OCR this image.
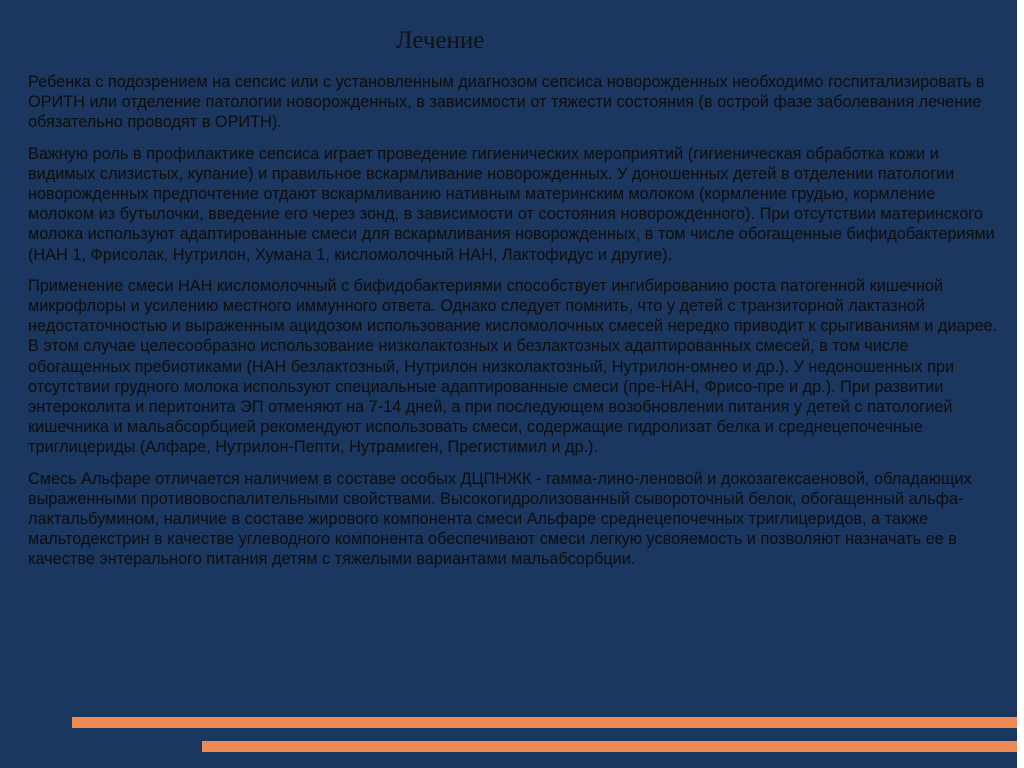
Лечение

Ребенка с подозрением на сепсис или с установленным диагнозом сепсиса новорожденных необходимо госпитализировать в ОРИТН или отделение патологии новорожденных, в зависимости от тяжести состояния (в острой фазе заболевания лечение обязательно проводят в ОРИТН).

Важную роль в профилактике сепсиса играет проведение гигиенических мероприятий (гигиеническая обработка кожи и видимых слизистых, купание) и правильное вскармливание новорожденных. У доношенных детей в отделении патологии новорожденных предпочтение отдают вскармливанию нативным материнским молоком (кормление грудью, кормление молоком из бутылочки, введение его через зонд, в зависимости от состояния новорожденного). При отсутствии материнского молока используют адаптированные смеси для вскармливания новорожденных, в том числе обогащенные бифидобактериями (НАН 1, Фрисолак, Нутрилон, Хумана 1, кисломолочный НАН, Лактофидус и другие).

Применение смеси НАН кисломолочный с бифидобактериями способствует ингибированию роста патогенной кишечной микрофлоры и усилению местного иммунного ответа. Однако следует помнить, что у детей с транзиторной лактазной недостаточностью и выраженным ацидозом использование кисломолочных смесей нередко приводит к срыгиваниям и диарее. В этом случае целесообразно использование низколактозных и безлактозных адаптированных смесей, в том числе обогащенных пребиотиками (НАН безлактозный, Нутрилон низколактозный, Нутрилон-омнео и др.). У недоношенных при отсутствии грудного молока используют специальные адаптированные смеси (пре-НАН, Фрисо-пре и др.). При развитии энтероколита и перитонита ЭП отменяют на 7-14 дней, а при последующем возобновлении питания у детей с патологией кишечника и мальабсорбцией рекомендуют использовать смеси, содержащие гидролизат белка и среднецепочечные триглицериды (Алфаре, Нутрилон-Пепти, Нутрамиген, Прегистимил и др.).

Смесь Альфаре отличается наличием в составе особых ДЦПНЖК - гамма-лино-леновой и докозагексаеновой, обладающих выраженными противовоспалительными свойствами. Высокогидролизованный сывороточный белок, обогащенный альфа-лактальбумином, наличие в составе жирового компонента смеси Альфаре среднецепочечных триглицеридов, а также мальтодекстрин в качестве углеводного компонента обеспечивают смеси легкую усвояемость и позволяют назначать ее в качестве энтерального питания детям с тяжелыми вариантами мальабсорбции.
